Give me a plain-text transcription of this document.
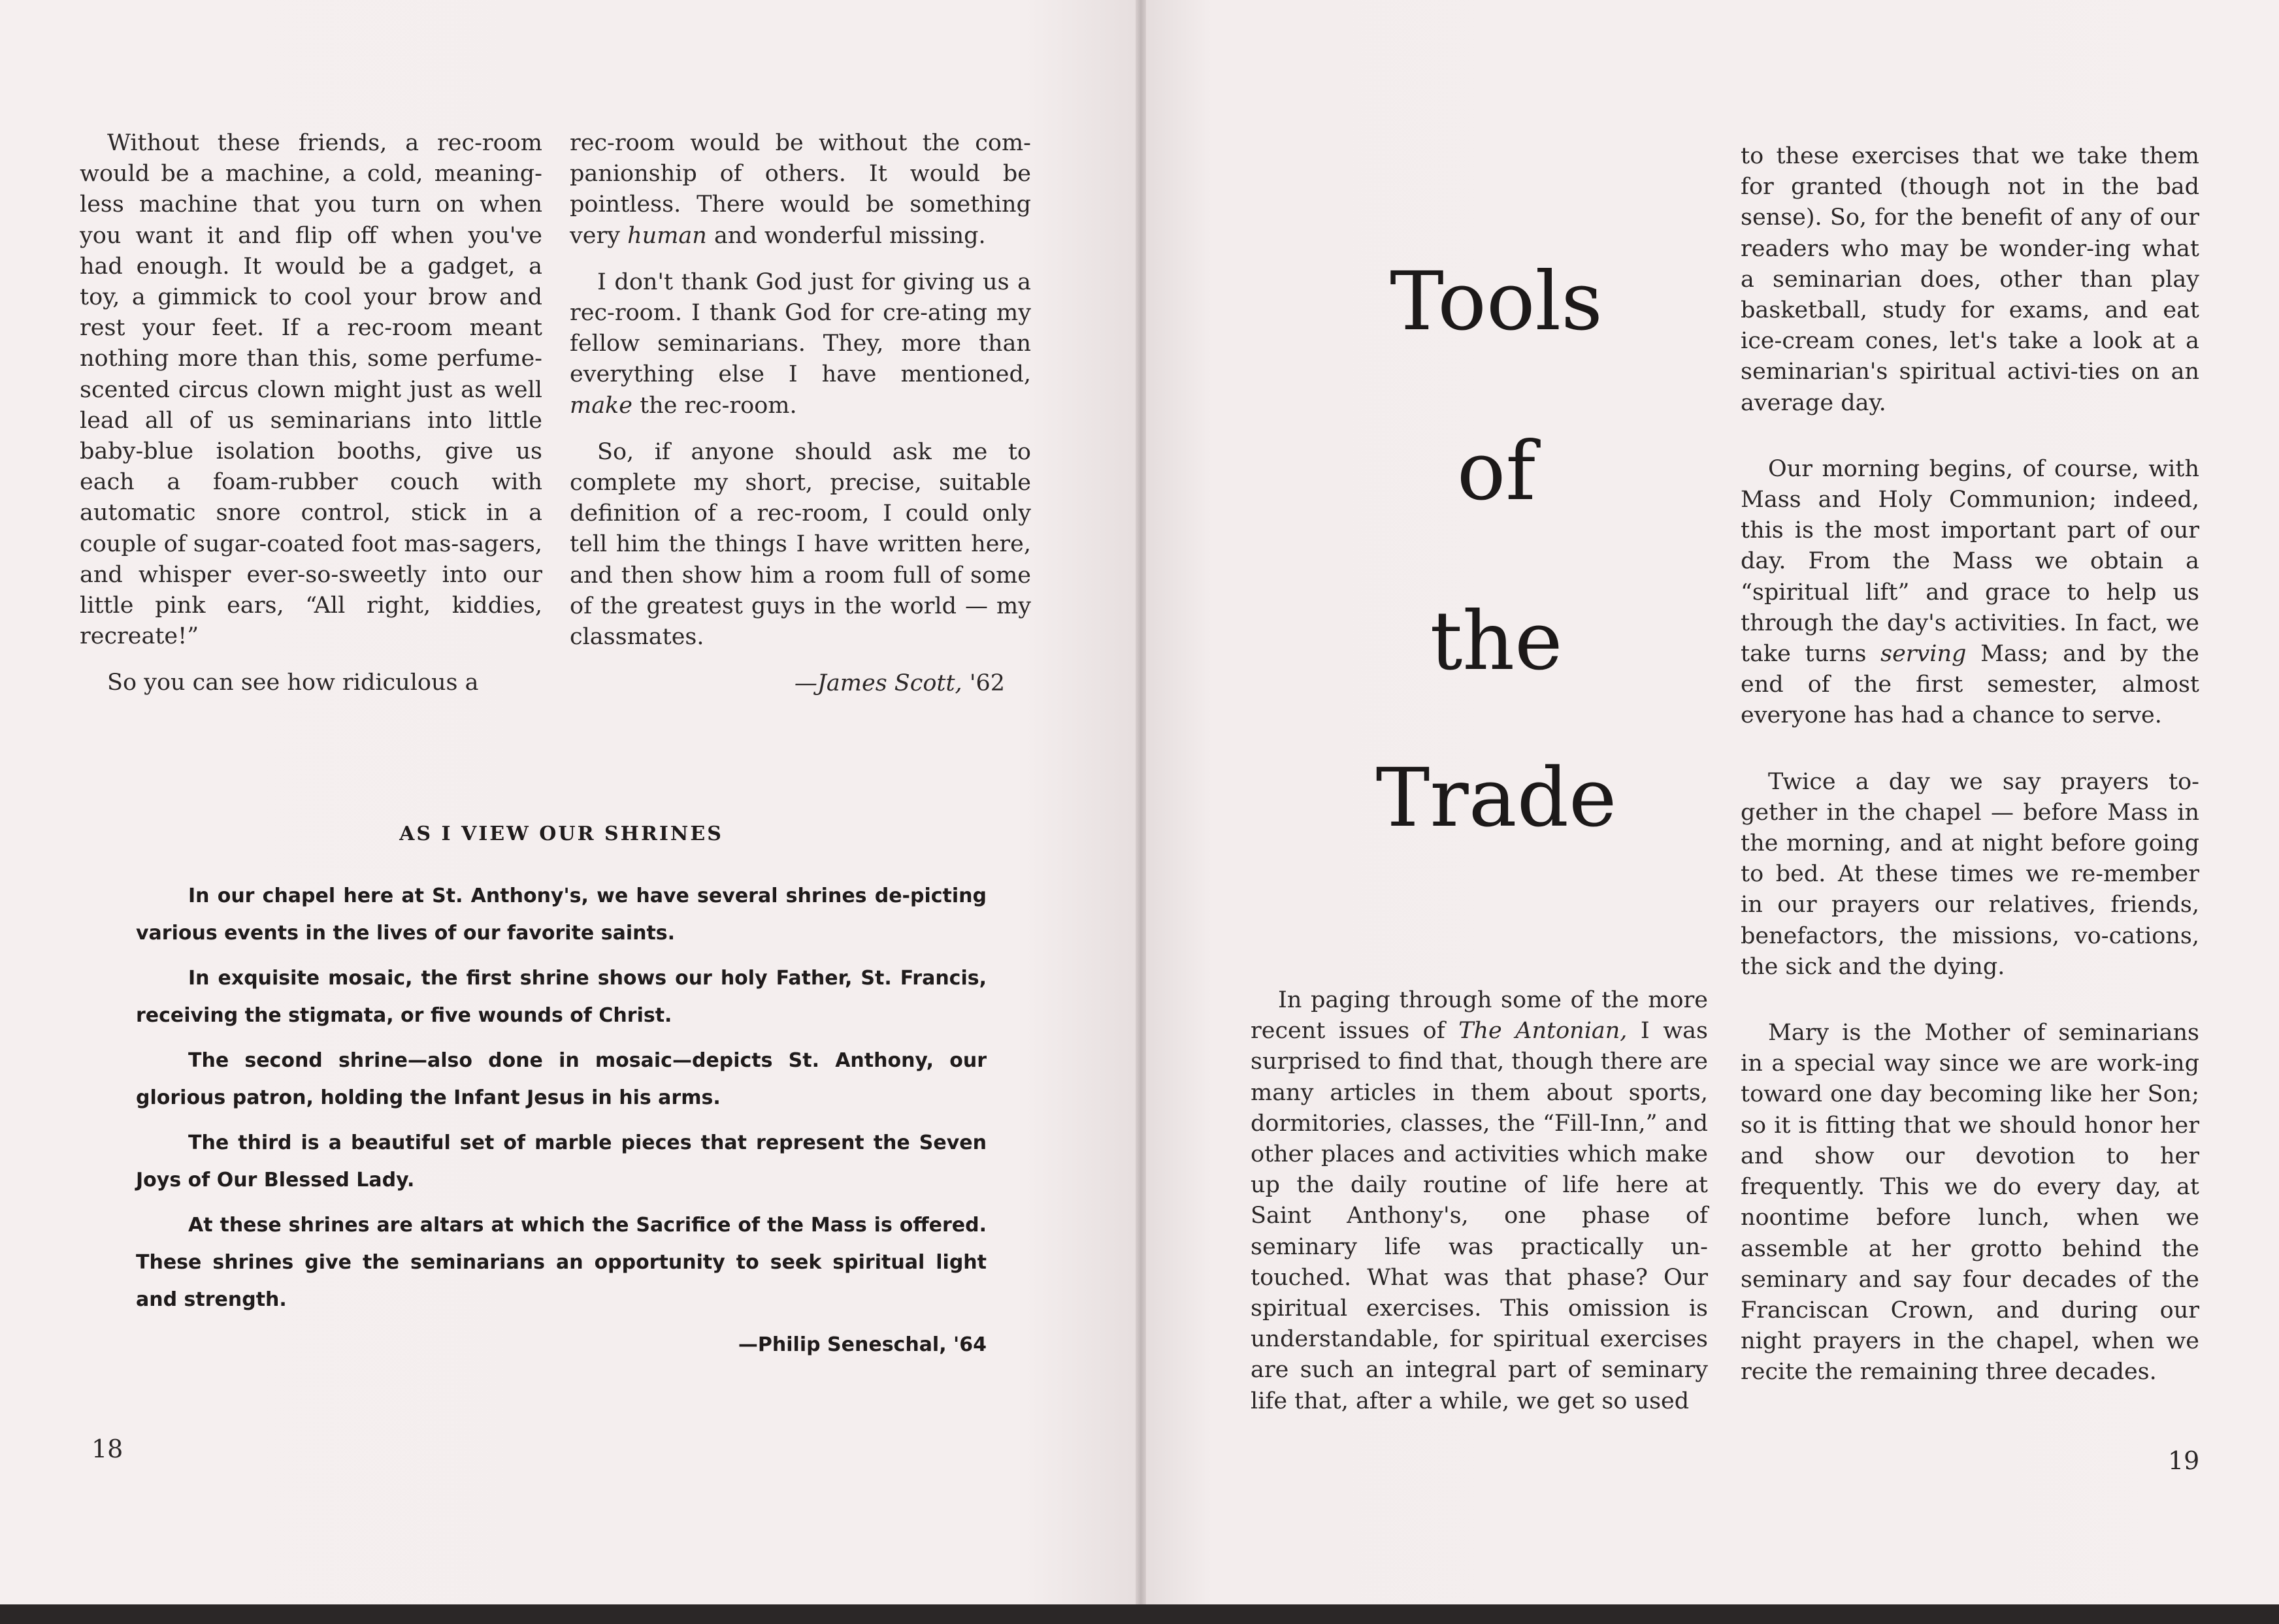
Without these friends, a rec-room would be a machine, a cold, meaning-less machine that you turn on when you want it and flip off when you've had enough. It would be a gadget, a toy, a gimmick to cool your brow and rest your feet. If a rec-room meant nothing more than this, some perfume-scented circus clown might just as well lead all of us seminarians into little baby-blue isolation booths, give us each a foam-rubber couch with automatic snore control, stick in a couple of sugar-coated foot mas-sagers, and whisper ever-so-sweetly into our little pink ears, “All right, kiddies, recreate!”

So you can see how ridiculous a

rec-room would be without the com-panionship of others. It would be pointless. There would be something very human and wonderful missing.

I don't thank God just for giving us a rec-room. I thank God for cre-ating my fellow seminarians. They, more than everything else I have mentioned, make the rec-room.

So, if anyone should ask me to complete my short, precise, suitable definition of a rec-room, I could only tell him the things I have written here, and then show him a room full of some of the greatest guys in the world — my classmates.

—James Scott, '62
AS I VIEW OUR SHRINES

In our chapel here at St. Anthony's, we have several shrines de-picting various events in the lives of our favorite saints.

In exquisite mosaic, the first shrine shows our holy Father, St. Francis, receiving the stigmata, or five wounds of Christ.

The second shrine—also done in mosaic—depicts St. Anthony, our glorious patron, holding the Infant Jesus in his arms.

The third is a beautiful set of marble pieces that represent the Seven Joys of Our Blessed Lady.

At these shrines are altars at which the Sacrifice of the Mass is offered. These shrines give the seminarians an opportunity to seek spiritual light and strength.

—Philip Seneschal, '64
18
Tools
of
the
Trade

In paging through some of the more recent issues of The Antonian, I was surprised to find that, though there are many articles in them about sports, dormitories, classes, the “Fill-Inn,” and other places and activities which make up the daily routine of life here at Saint Anthony's, one phase of seminary life was practically un-touched. What was that phase? Our spiritual exercises. This omission is understandable, for spiritual exercises are such an integral part of seminary life that, after a while, we get so used

to these exercises that we take them for granted (though not in the bad sense). So, for the benefit of any of our readers who may be wonder-ing what a seminarian does, other than play basketball, study for exams, and eat ice-cream cones, let's take a look at a seminarian's spiritual activi-ties on an average day.

Our morning begins, of course, with Mass and Holy Communion; indeed, this is the most important part of our day. From the Mass we obtain a “spiritual lift” and grace to help us through the day's activities. In fact, we take turns serving Mass; and by the end of the first semester, almost everyone has had a chance to serve.

Twice a day we say prayers to-gether in the chapel — before Mass in the morning, and at night before going to bed. At these times we re-member in our prayers our relatives, friends, benefactors, the missions, vo-cations, the sick and the dying.

Mary is the Mother of seminarians in a special way since we are work-ing toward one day becoming like her Son; so it is fitting that we should honor her and show our devotion to her frequently. This we do every day, at noontime before lunch, when we assemble at her grotto behind the seminary and say four decades of the Franciscan Crown, and during our night prayers in the chapel, when we recite the remaining three decades.

19
